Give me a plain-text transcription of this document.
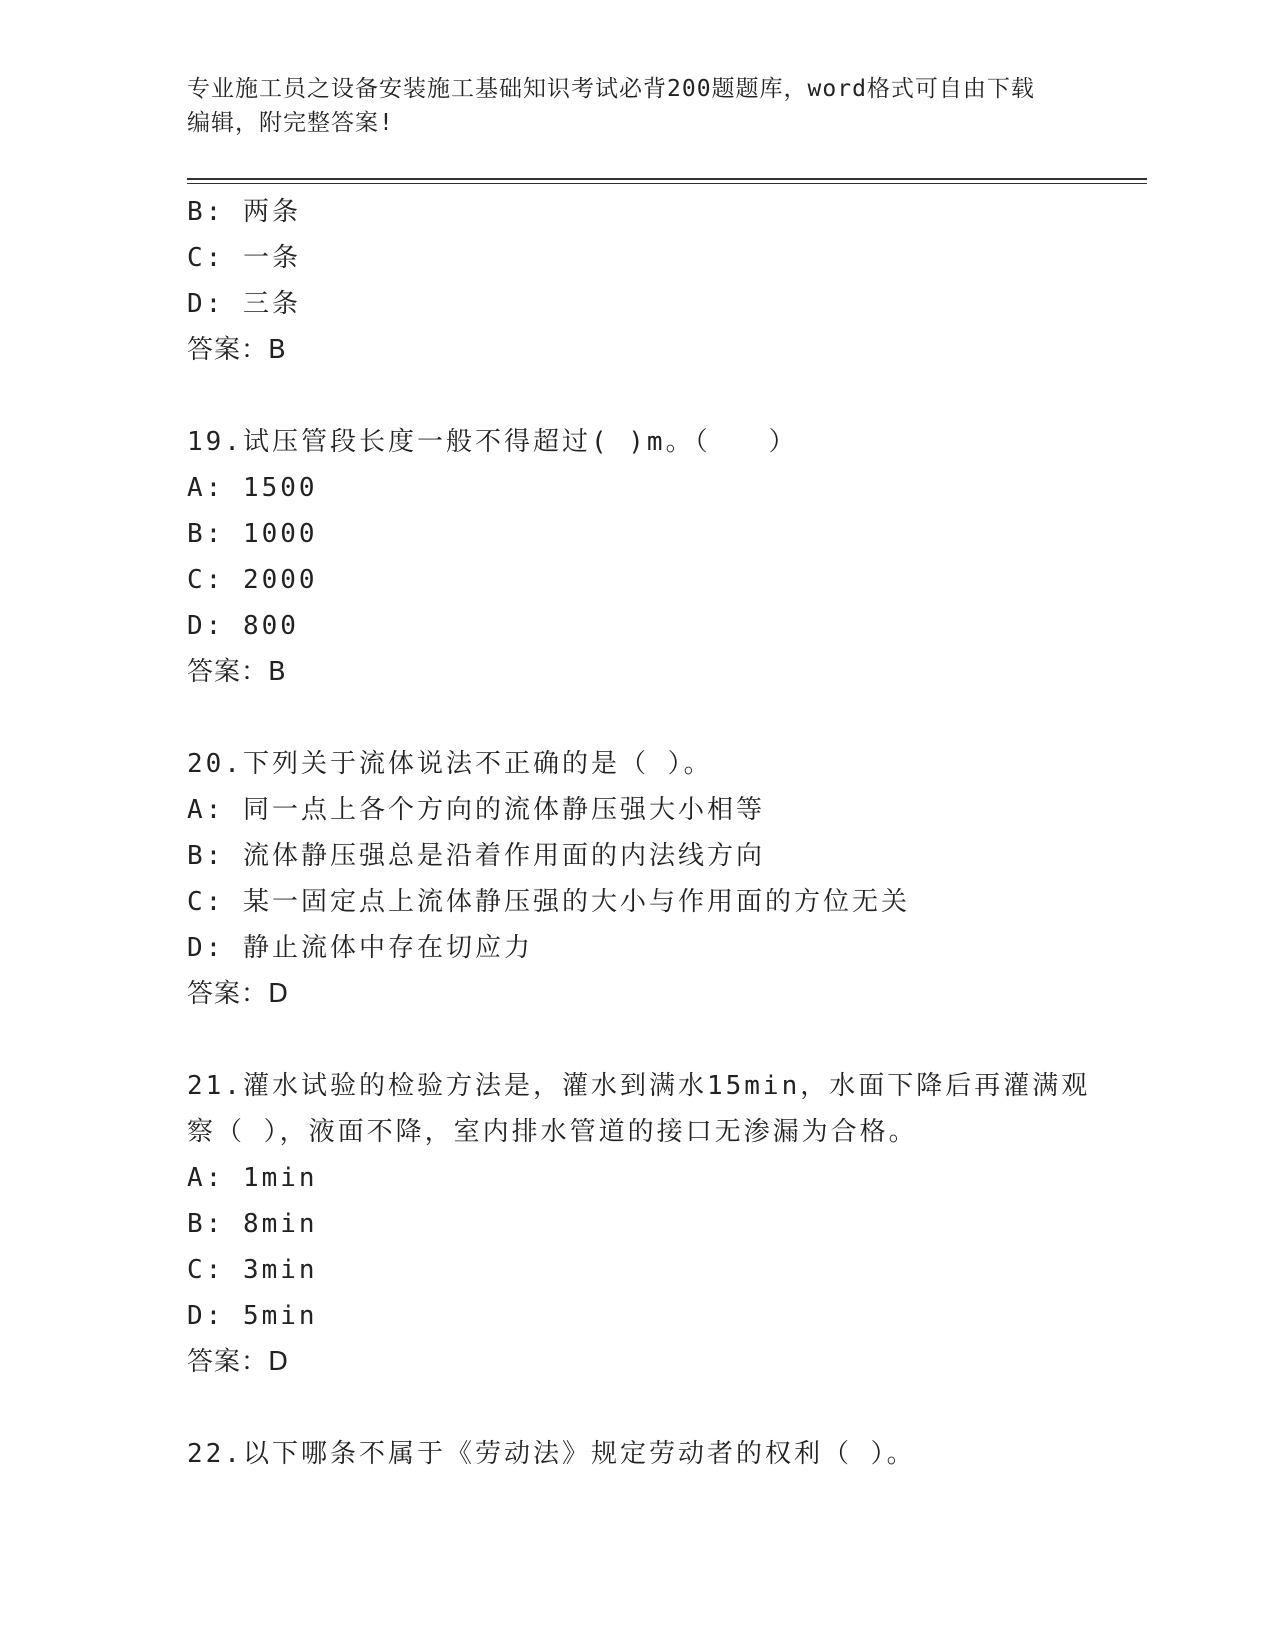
专业施工员之设备安装施工基础知识考试必背200题题库，word格式可自由下载
编辑，附完整答案!
B: 两条
C: 一条
D: 三条
答案：B
19.试压管段长度一般不得超过( )m。（　　）
A: 1500
B: 1000
C: 2000
D: 800
答案：B
20.下列关于流体说法不正确的是（ ）。
A: 同一点上各个方向的流体静压强大小相等
B: 流体静压强总是沿着作用面的内法线方向
C: 某一固定点上流体静压强的大小与作用面的方位无关
D: 静止流体中存在切应力
答案：D
21.灌水试验的检验方法是，灌水到满水15min，水面下降后再灌满观
察（ ），液面不降，室内排水管道的接口无渗漏为合格。
A: 1min
B: 8min
C: 3min
D: 5min
答案：D
22.以下哪条不属于《劳动法》规定劳动者的权利（ ）。
